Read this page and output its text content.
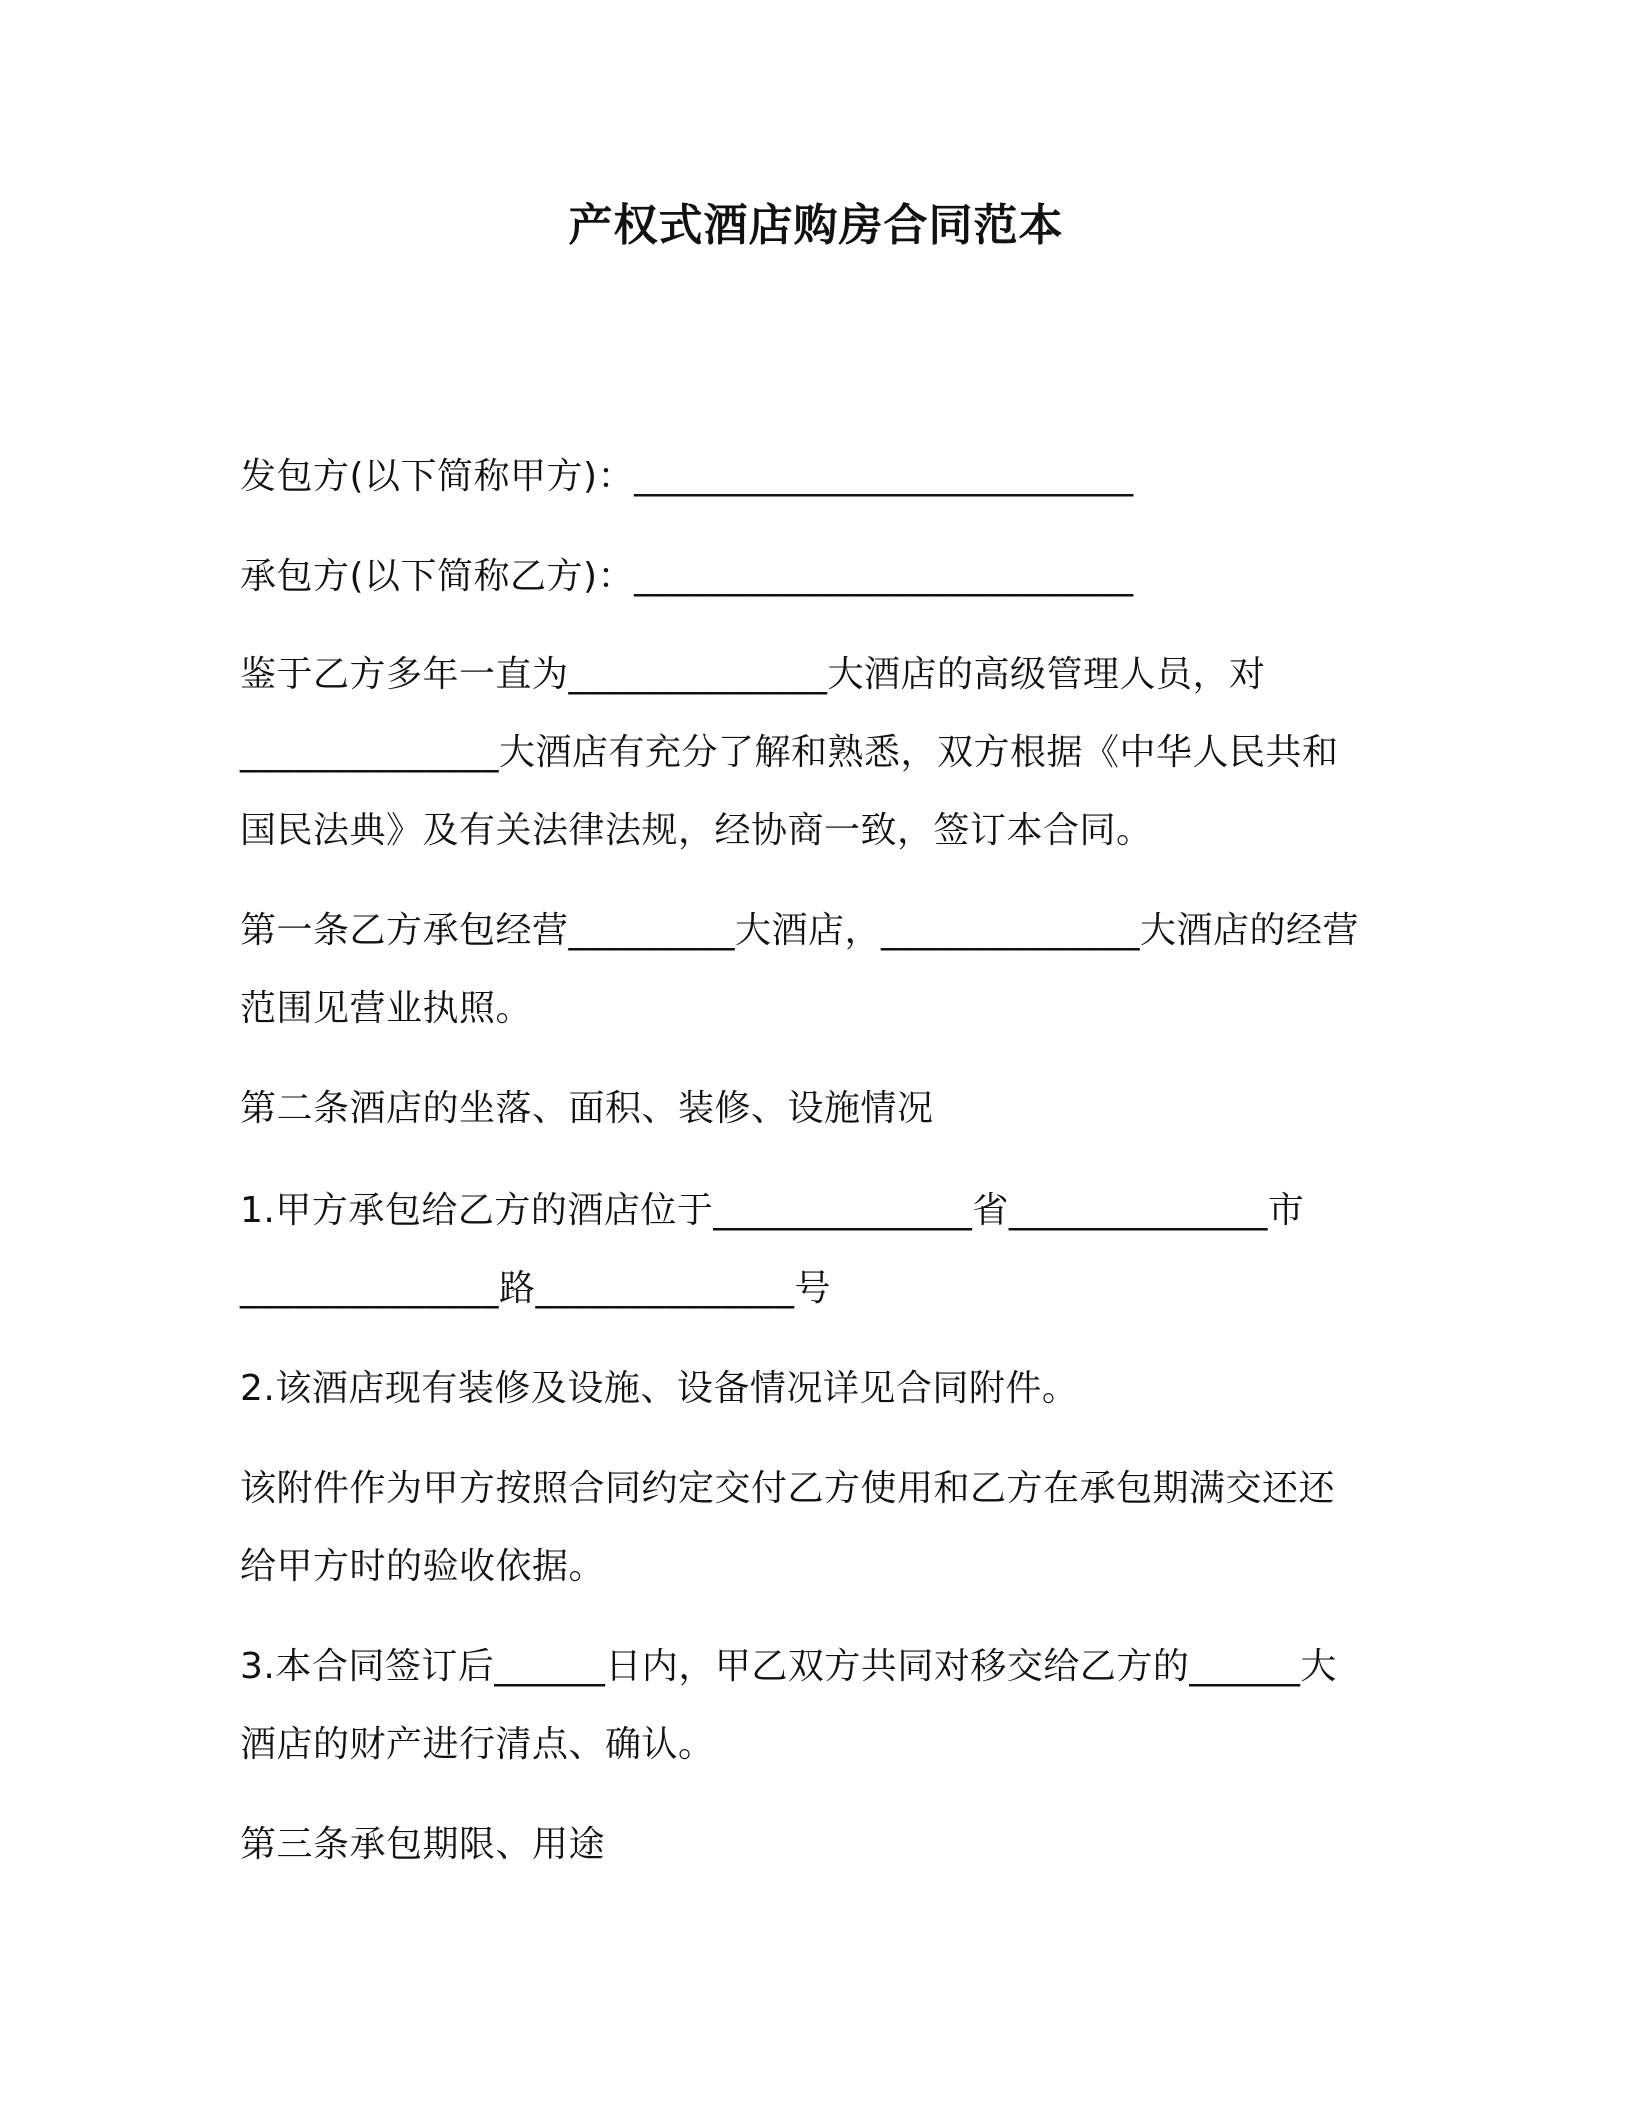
产权式酒店购房合同范本
发包方(以下简称甲方)：___________________________
承包方(以下简称乙方)：___________________________
鉴于乙方多年一直为______________大酒店的高级管理人员，对
______________大酒店有充分了解和熟悉，双方根据《中华人民共和
国民法典》及有关法律法规，经协商一致，签订本合同。
第一条乙方承包经营_________大酒店，______________大酒店的经营
范围见营业执照。
第二条酒店的坐落、面积、装修、设施情况
1.甲方承包给乙方的酒店位于______________省______________市
______________路______________号
2.该酒店现有装修及设施、设备情况详见合同附件。
该附件作为甲方按照合同约定交付乙方使用和乙方在承包期满交还还
给甲方时的验收依据。
3.本合同签订后______日内，甲乙双方共同对移交给乙方的______大
酒店的财产进行清点、确认。
第三条承包期限、用途
